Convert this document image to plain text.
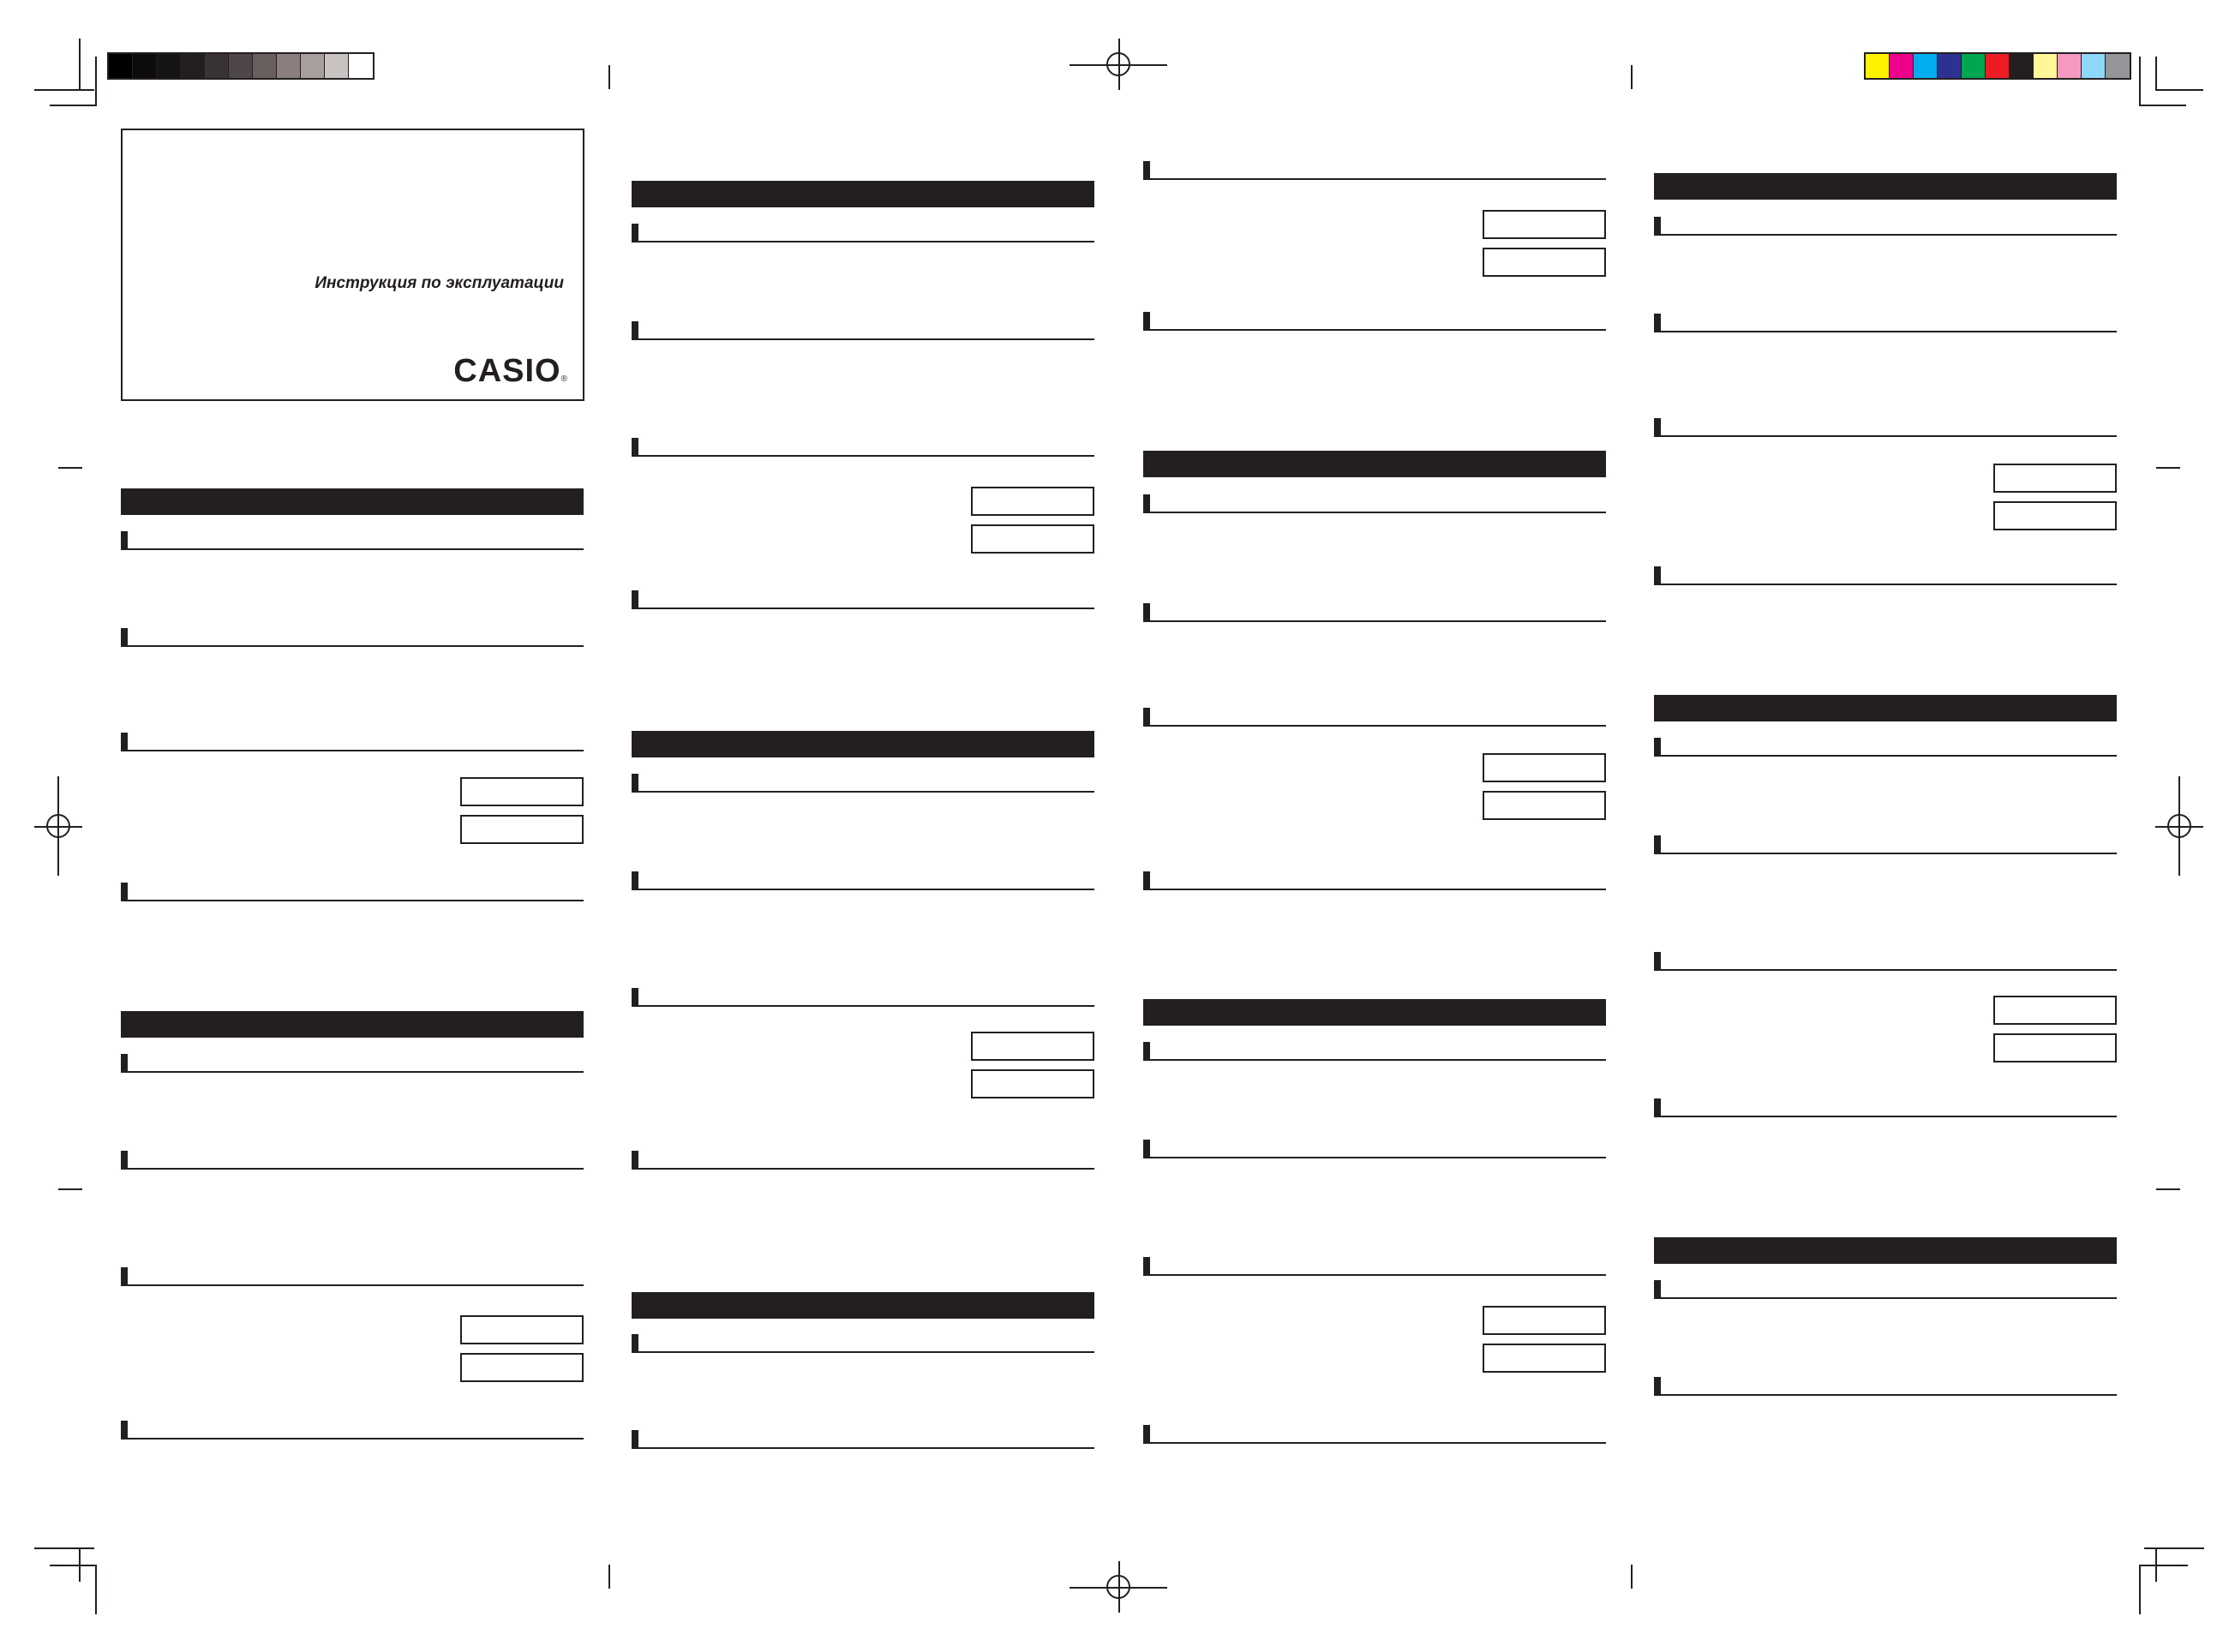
Инструкция по эксплуатации
CASIO®
